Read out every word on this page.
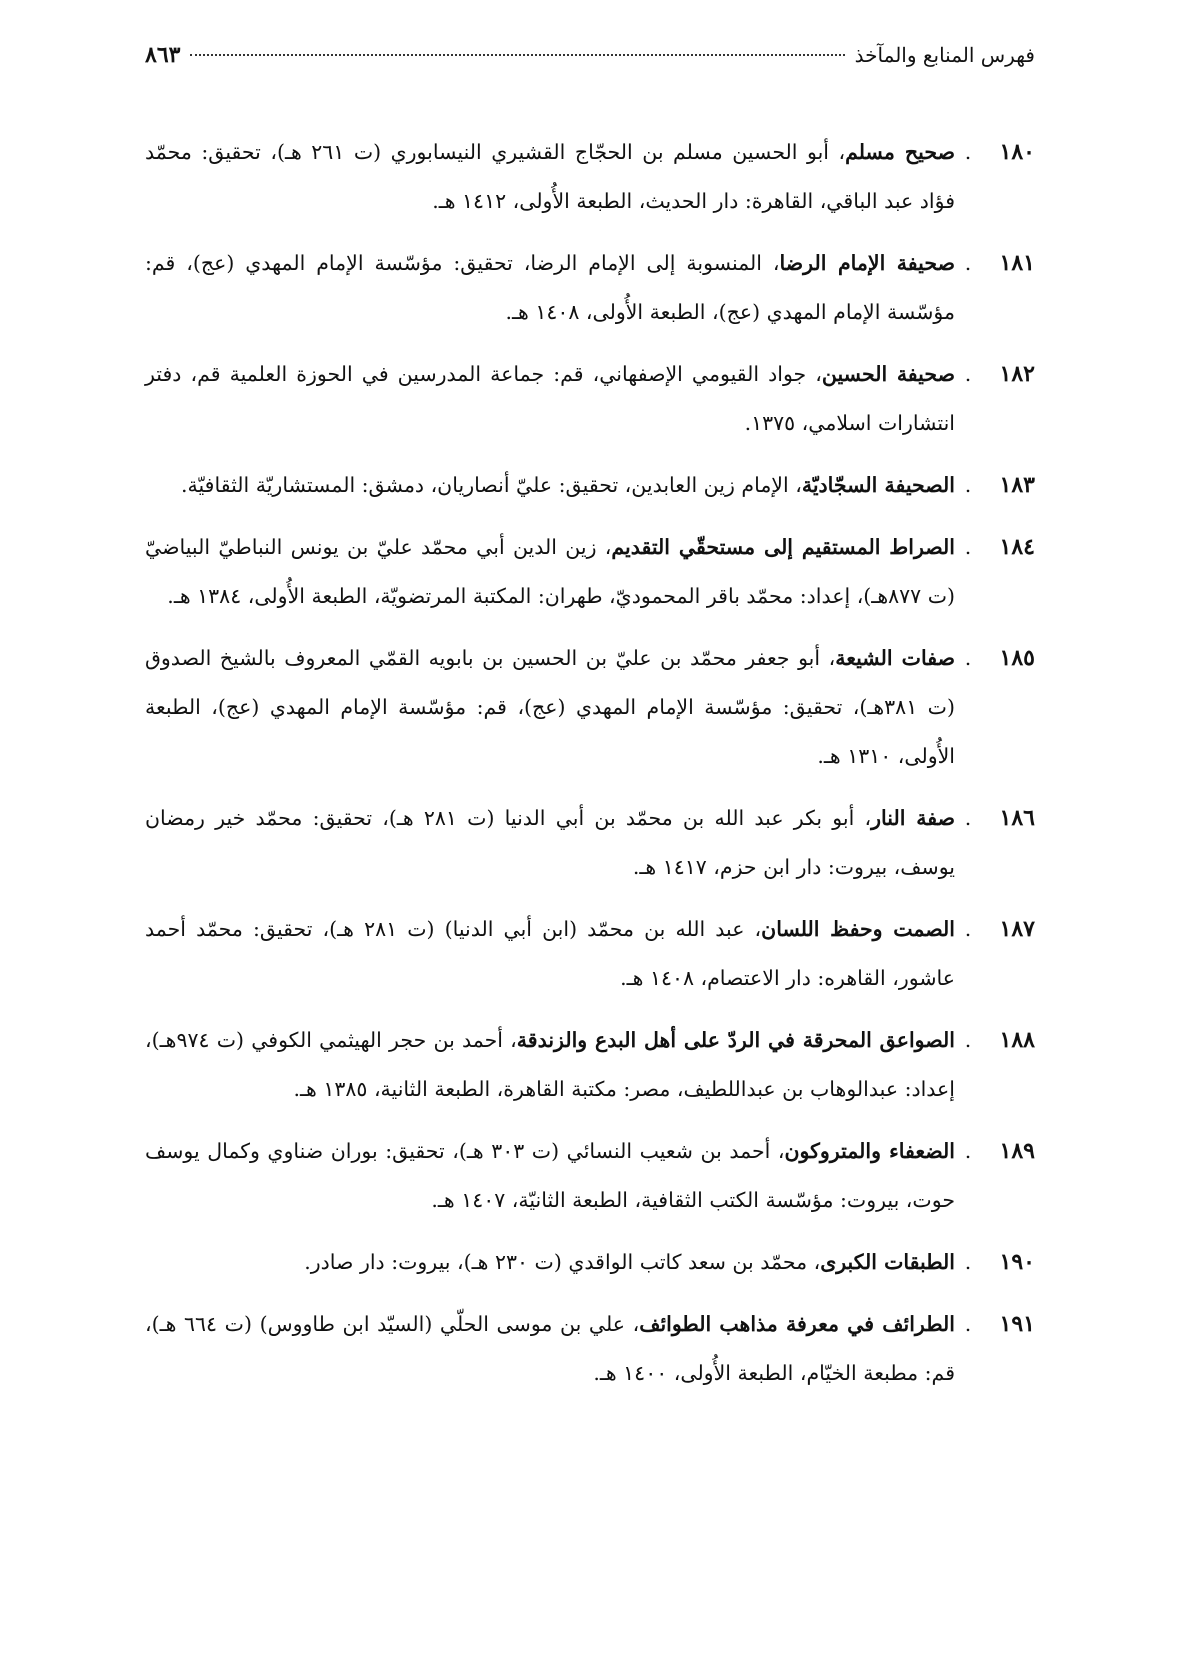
فهرس المنابع والمآخذ
٨٦٣
١٨٠
.
صحيح مسلم، أبو الحسين مسلم بن الحجّاج القشيري النيسابوري (ت ٢٦١ هـ)، تحقيق: محمّد فؤاد عبد الباقي، القاهرة: دار الحديث، الطبعة الأُولى، ١٤١٢ هـ.
١٨١
.
صحيفة الإمام الرضا، المنسوبة إلى الإمام الرضا، تحقيق: مؤسّسة الإمام المهدي (عج)، قم: مؤسّسة الإمام المهدي (عج)، الطبعة الأُولى، ١٤٠٨ هـ.
١٨٢
.
صحيفة الحسين، جواد القيومي الإصفهاني، قم: جماعة المدرسين في الحوزة العلمية قم، دفتر انتشارات اسلامي، ١٣٧٥.
١٨٣
.
الصحيفة السجّاديّة، الإمام زين العابدين، تحقيق: عليّ أنصاريان، دمشق: المستشاريّة الثقافيّة.
١٨٤
.
الصراط المستقيم إلى مستحقّي التقديم، زين الدين أبي محمّد عليّ بن يونس النباطيّ البياضيّ (ت ٨٧٧هـ)، إعداد: محمّد باقر المحموديّ، طهران: المكتبة المرتضويّة، الطبعة الأُولى، ١٣٨٤ هـ.
١٨٥
.
صفات الشيعة، أبو جعفر محمّد بن عليّ بن الحسين بن بابويه القمّي المعروف بالشيخ الصدوق (ت ٣٨١هـ)، تحقيق: مؤسّسة الإمام المهدي (عج)، قم: مؤسّسة الإمام المهدي (عج)، الطبعة الأُولى، ١٣١٠ هـ.
١٨٦
.
صفة النار، أبو بكر عبد الله بن محمّد بن أبي الدنيا (ت ٢٨١ هـ)، تحقيق: محمّد خير رمضان يوسف، بيروت: دار ابن حزم، ١٤١٧ هـ.
١٨٧
.
الصمت وحفظ اللسان، عبد الله بن محمّد (ابن أبي الدنيا) (ت ٢٨١ هـ)، تحقيق: محمّد أحمد عاشور، القاهره: دار الاعتصام، ١٤٠٨ هـ.
١٨٨
.
الصواعق المحرقة في الردّ على أهل البدع والزندقة، أحمد بن حجر الهيثمي الكوفي (ت ٩٧٤هـ)، إعداد: عبدالوهاب بن عبداللطيف، مصر: مكتبة القاهرة، الطبعة الثانية، ١٣٨٥ هـ.
١٨٩
.
الضعفاء والمتروكون، أحمد بن شعيب النسائي (ت ٣٠٣ هـ)، تحقيق: بوران ضناوي وكمال يوسف حوت، بيروت: مؤسّسة الكتب الثقافية، الطبعة الثانيّة، ١٤٠٧ هـ.
١٩٠
.
الطبقات الكبرى، محمّد بن سعد كاتب الواقدي (ت ٢٣٠ هـ)، بيروت: دار صادر.
١٩١
.
الطرائف في معرفة مذاهب الطوائف، علي بن موسى الحلّي (السيّد ابن طاووس) (ت ٦٦٤ هـ)، قم: مطبعة الخيّام، الطبعة الأُولى، ١٤٠٠ هـ.
